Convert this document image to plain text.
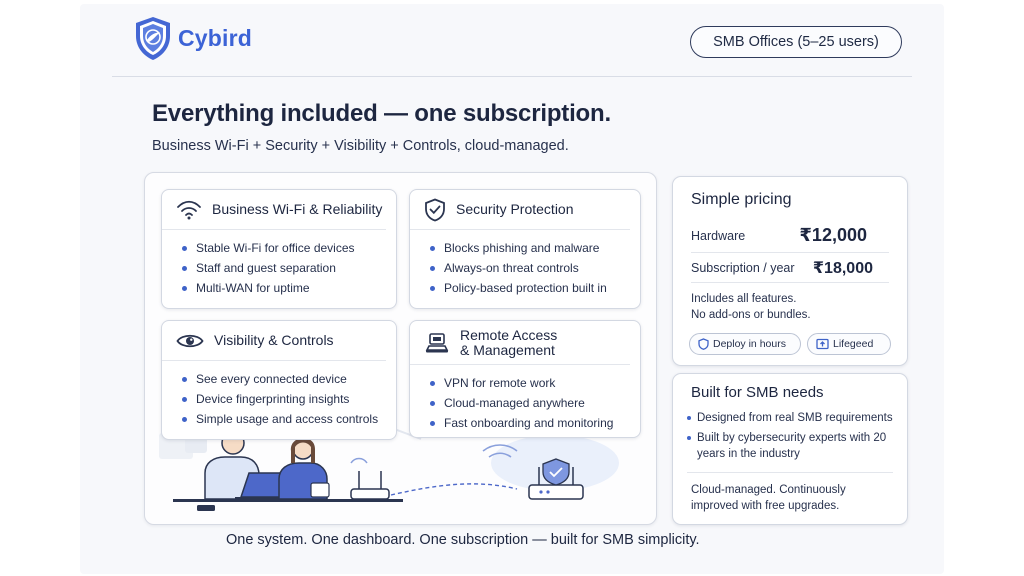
Cybird	SMB Offices (5–25 users)
Everything included — one subscription.
Business Wi-Fi + Security + Visibility + Controls, cloud-managed.
Business Wi-Fi & Reliability
Stable Wi-Fi for office devices
Staff and guest separation
Multi-WAN for uptime
Security Protection
Blocks phishing and malware
Always-on threat controls
Policy-based protection built in
Visibility & Controls
See every connected device
Device fingerprinting insights
Simple usage and access controls
Remote Access
& Management
VPN for remote work
Cloud-managed anywhere
Fast onboarding and monitoring
Simple pricing
Hardware	₹12,000
Subscription / year ₹18,000
Includes all features.
No add-ons or bundles.
Deploy in hours	Lifegeed
Built for SMB needs
Designed from real SMB requirements
Built by cybersecurity experts with 20 years in the industry
Cloud-managed. Continuously
improved with free upgrades.
One system. One dashboard. One subscription — built for SMB simplicity.
